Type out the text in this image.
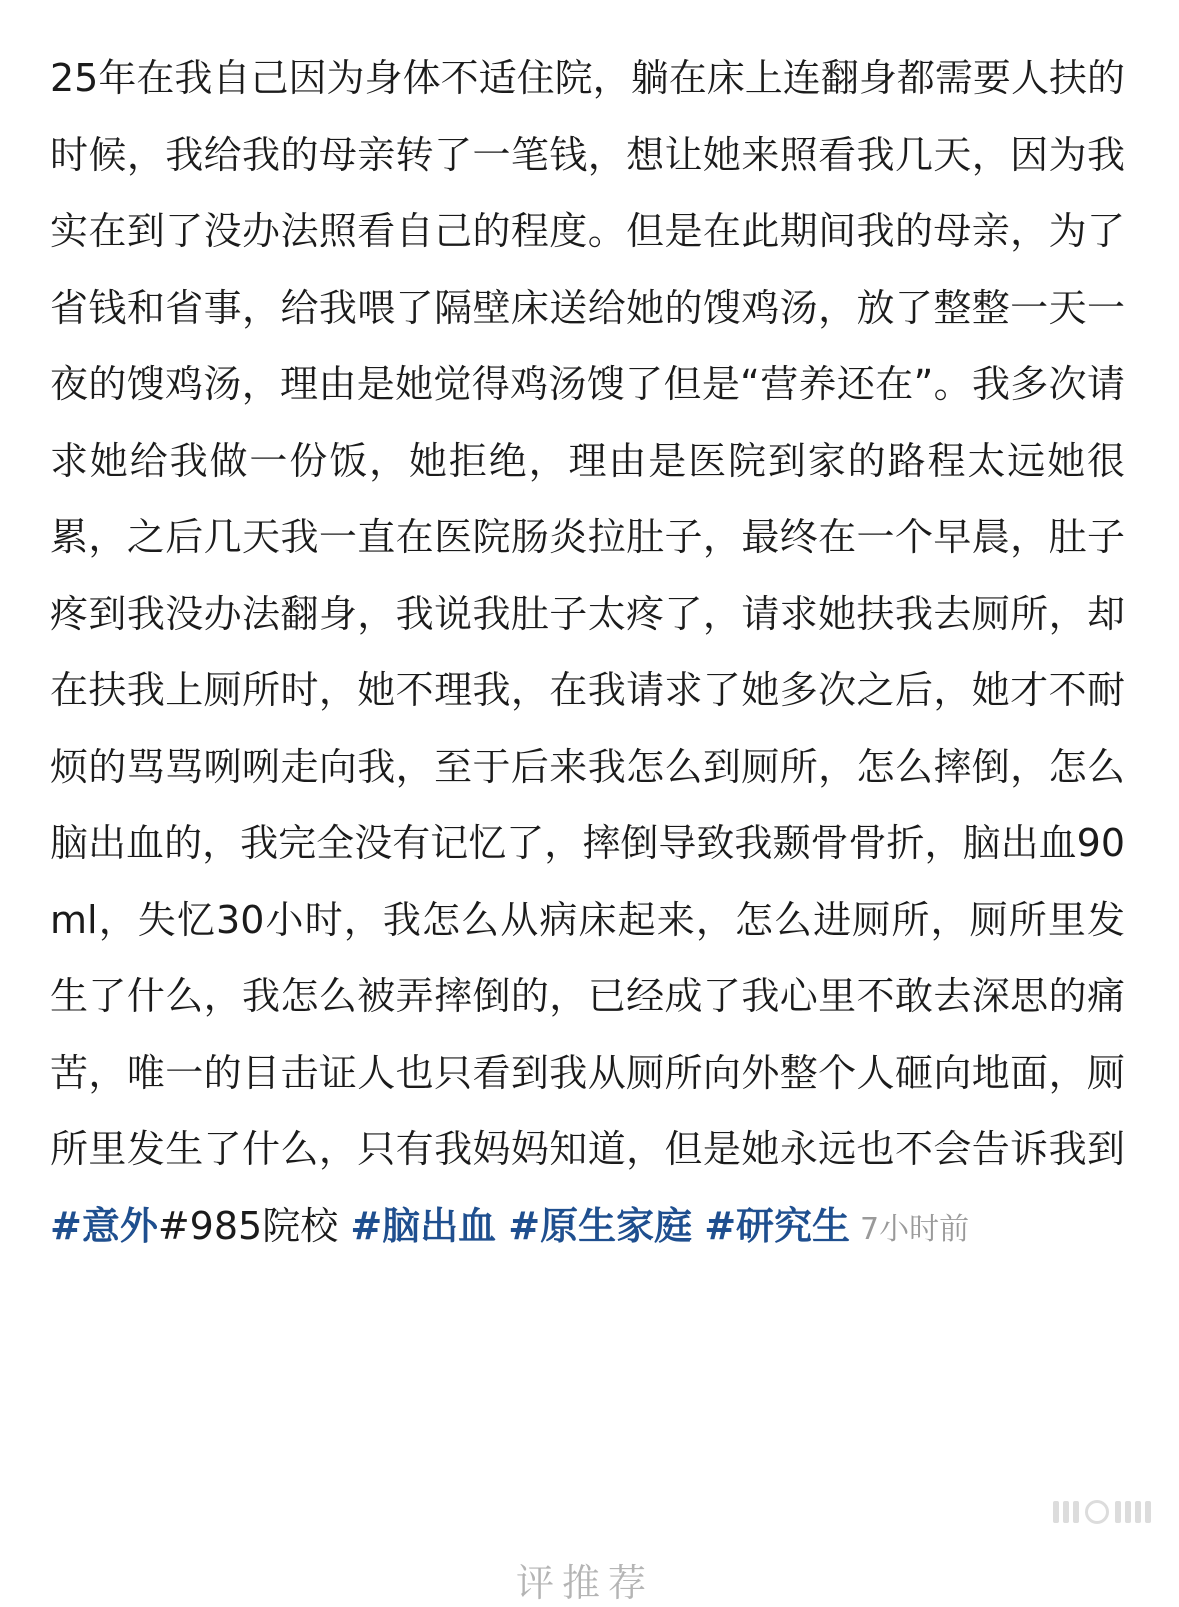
25年在我自己因为身体不适住院，躺在床上连翻身都需要人扶的时候，我给我的母亲转了一笔钱，想让她来照看我几天，因为我实在到了没办法照看自己的程度。但是在此期间我的母亲，为了省钱和省事，给我喂了隔壁床送给她的馊鸡汤，放了整整一天一夜的馊鸡汤，理由是她觉得鸡汤馊了但是“营养还在”。我多次请求她给我做一份饭，她拒绝，理由是医院到家的路程太远她很累，之后几天我一直在医院肠炎拉肚子，最终在一个早晨，肚子疼到我没办法翻身，我说我肚子太疼了，请求她扶我去厕所，却在扶我上厕所时，她不理我，在我请求了她多次之后，她才不耐烦的骂骂咧咧走向我，至于后来我怎么到厕所，怎么摔倒，怎么脑出血的，我完全没有记忆了，摔倒导致我颞骨骨折，脑出血90ml，失忆30小时，我怎么从病床起来，怎么进厕所，厕所里发生了什么，我怎么被弄摔倒的，已经成了我心里不敢去深思的痛苦，唯一的目击证人也只看到我从厕所向外整个人砸向地面，厕所里发生了什么，只有我妈妈知道，但是她永远也不会告诉我到#意外#985院校 #脑出血 #原生家庭 #研究生 7小时前

　评推荐
